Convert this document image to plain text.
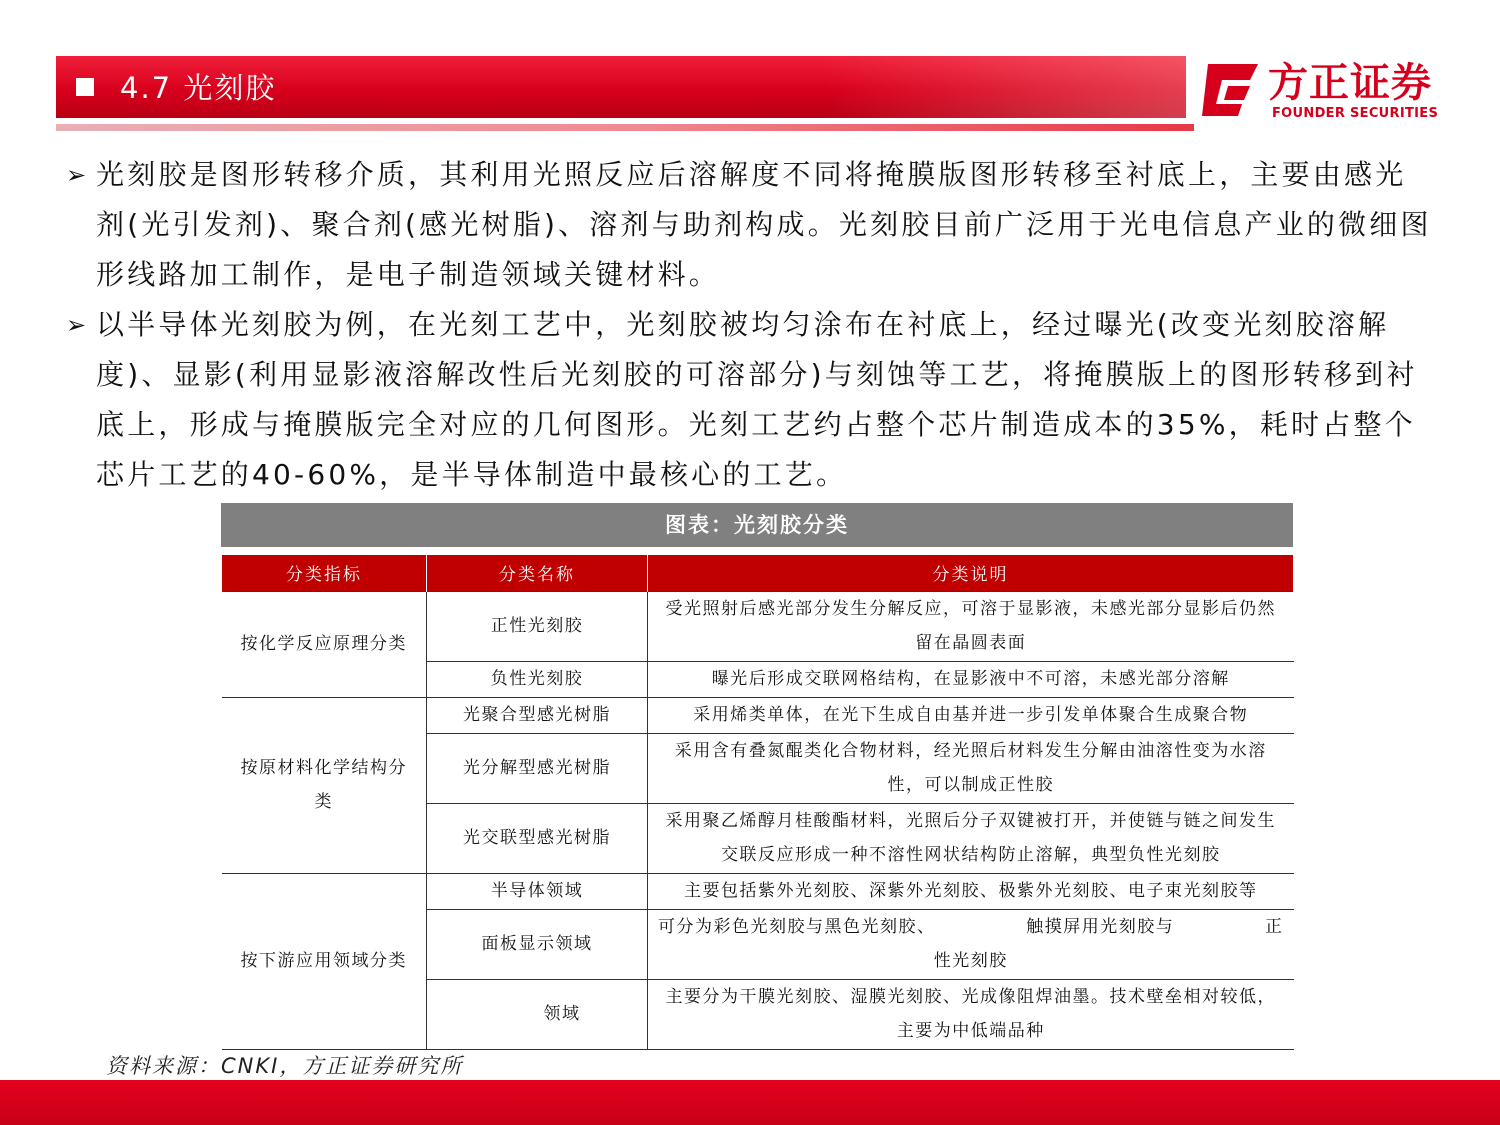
4.7 光刻胶	方正证券
FOUNDER SECURITIES
➢ 光刻胶是图形转移介质，其利用光照反应后溶解度不同将掩膜版图形转移至衬底上，主要由感光剂(光引发剂)、聚合剂(感光树脂)、溶剂与助剂构成。光刻胶目前广泛用于光电信息产业的微细图形线路加工制作，是电子制造领域关键材料。
➢ 以半导体光刻胶为例，在光刻工艺中，光刻胶被均匀涂布在衬底上，经过曝光(改变光刻胶溶解度)、显影(利用显影液溶解改性后光刻胶的可溶部分)与刻蚀等工艺，将掩膜版上的图形转移到衬底上，形成与掩膜版完全对应的几何图形。光刻工艺约占整个芯片制造成本的35%，耗时占整个芯片工艺的40-60%，是半导体制造中最核心的工艺。
图表：光刻胶分类
分类指标	分类名称	分类说明
按化学反应原理分类	正性光刻胶	受光照射后感光部分发生分解反应，可溶于显影液，未感光部分显影后仍然留在晶圆表面
	负性光刻胶	曝光后形成交联网格结构，在显影液中不可溶，未感光部分溶解
按原材料化学结构分类	光聚合型感光树脂	采用烯类单体，在光下生成自由基并进一步引发单体聚合生成聚合物
	光分解型感光树脂	采用含有叠氮醌类化合物材料，经光照后材料发生分解由油溶性变为水溶性，可以制成正性胶
	光交联型感光树脂	采用聚乙烯醇月桂酸酯材料，光照后分子双键被打开，并使链与链之间发生交联反应形成一种不溶性网状结构防止溶解，典型负性光刻胶
按下游应用领域分类	半导体领域	主要包括紫外光刻胶、深紫外光刻胶、极紫外光刻胶、电子束光刻胶等
	面板显示领域	可分为彩色光刻胶与黑色光刻胶、 触摸屏用光刻胶与 正
性光刻胶

	领域	主要分为干膜光刻胶、湿膜光刻胶、光成像阻焊油墨。技术壁垒相对较低，主要为中低端品种
资料来源：CNKI，方正证券研究所
